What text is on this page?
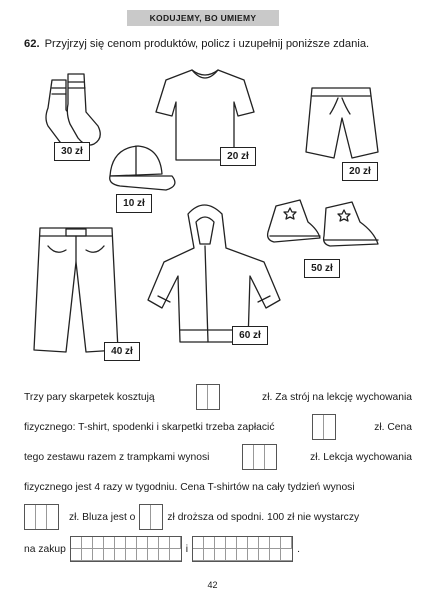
KODUJEMY, BO UMIEMY
62. Przyjrzyj się cenom produktów, policz i uzupełnij poniższe zdania.
30 zł	20 zł
20 zł
10 zł
40 zł
60 zł
50 zł
Trzy pary skarpetek kosztują	zł. Za strój na lekcję wychowania
fizycznego: T-shirt, spodenki i skarpetki trzeba zapłacić	zł. Cena
tego zestawu razem z trampkami wynosi	zł. Lekcja wychowania
fizycznego jest 4 razy w tygodniu. Cena T-shirtów na cały tydzień wynosi
zł. Bluza jest o	zł droższa od spodni. 100 zł nie wystarczy
na zakup	i	.
42
